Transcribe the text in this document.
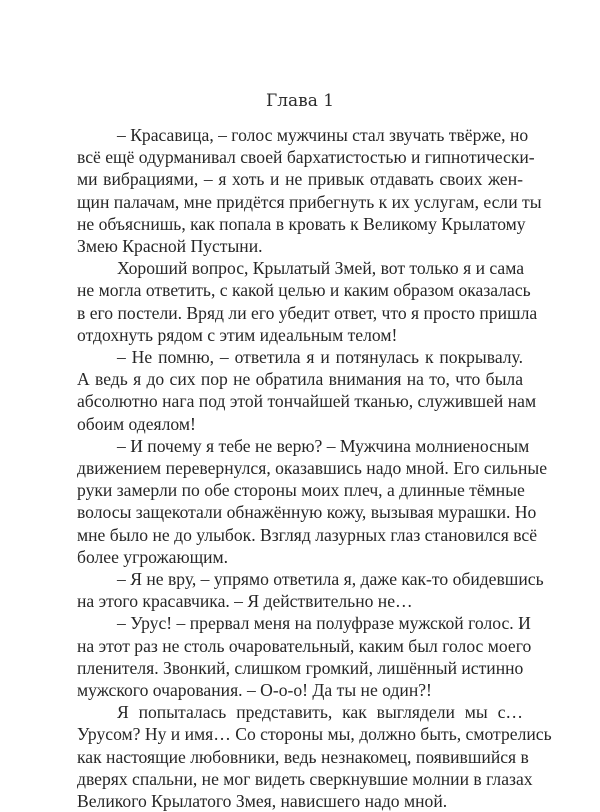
Глава 1

– Красавица, – голос мужчины стал звучать твёрже, но
всё ещё одурманивал своей бархатистостью и гипнотически-
ми вибрациями, – я хоть и не привык отдавать своих жен-
щин палачам, мне придётся прибегнуть к их услугам, если ты
не объяснишь, как попала в кровать к Великому Крылатому
Змею Красной Пустыни.

Хороший вопрос, Крылатый Змей, вот только я и сама
не могла ответить, с какой целью и каким образом оказалась
в его постели. Вряд ли его убедит ответ, что я просто пришла
отдохнуть рядом с этим идеальным телом!

– Не помню, – ответила я и потянулась к покрывалу.
А ведь я до сих пор не обратила внимания на то, что была
абсолютно нага под этой тончайшей тканью, служившей нам
обоим одеялом!

– И почему я тебе не верю? – Мужчина молниеносным
движением перевернулся, оказавшись надо мной. Его сильные
руки замерли по обе стороны моих плеч, а длинные тёмные
волосы защекотали обнажённую кожу, вызывая мурашки. Но
мне было не до улыбок. Взгляд лазурных глаз становился всё
более угрожающим.

– Я не вру, – упрямо ответила я, даже как-то обидевшись
на этого красавчика. – Я действительно не…

– Урус! – прервал меня на полуфразе мужской голос. И
на этот раз не столь очаровательный, каким был голос моего
пленителя. Звонкий, слишком громкий, лишённый истинно
мужского очарования. – О-о-о! Да ты не один?!

Я попыталась представить, как выглядели мы с…
Урусом? Ну и имя… Со стороны мы, должно быть, смотрелись
как настоящие любовники, ведь незнакомец, появившийся в
дверях спальни, не мог видеть сверкнувшие молнии в глазах
Великого Крылатого Змея, нависшего надо мной.
